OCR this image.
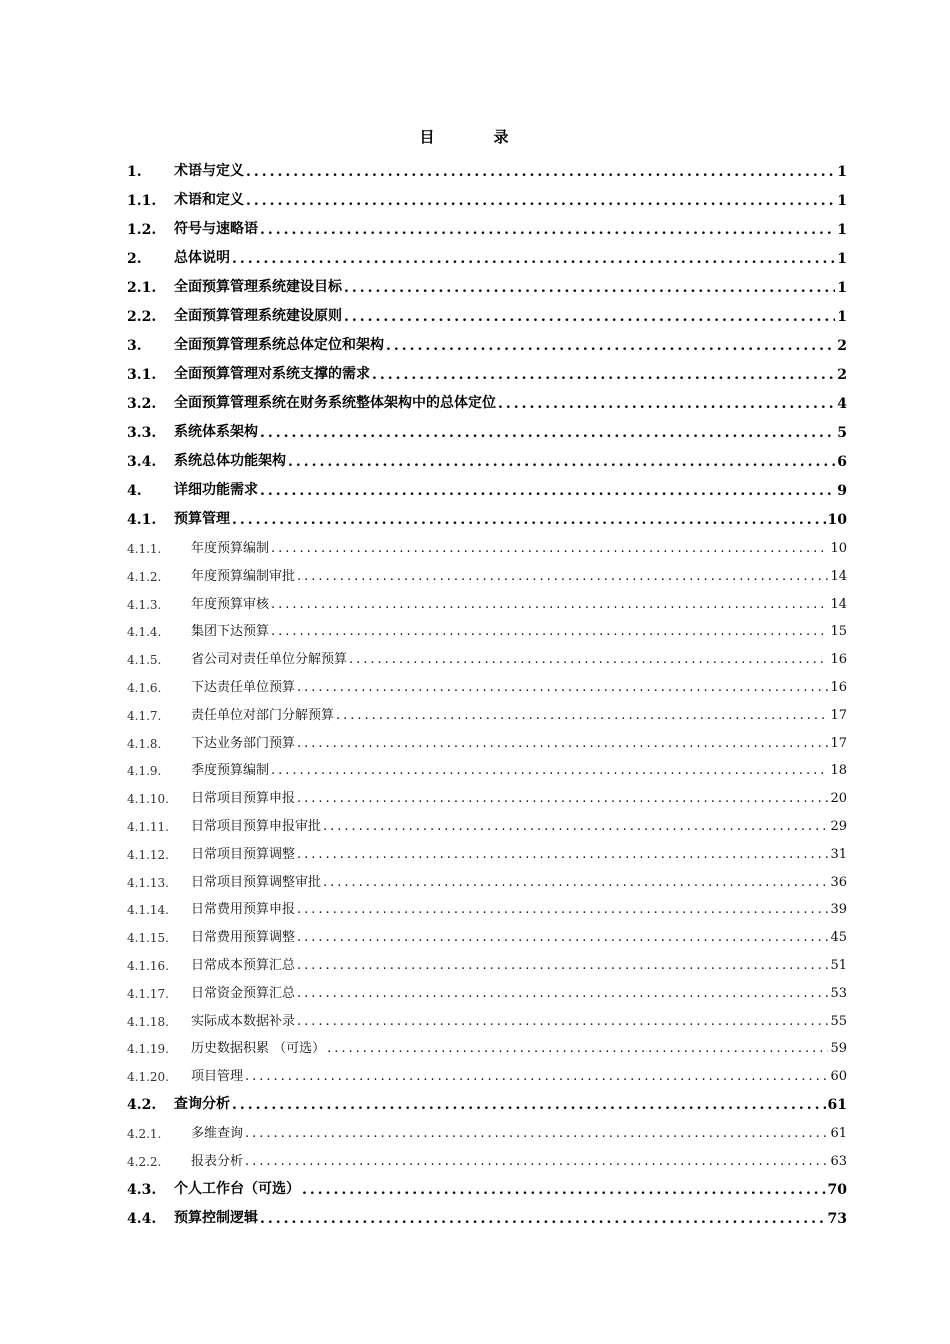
目　录
1.	术语与定义 .....	1
1.1.	术语和定义 .....	1
1.2.	符号与速略语 .....	1
2.	总体说明 .....	1
2.1.	全面预算管理系统建设目标 .....	1
2.2.	全面预算管理系统建设原则 .....	1
3.	全面预算管理系统总体定位和架构 .....	2
3.1.	全面预算管理对系统支撑的需求 .....	2
3.2.	全面预算管理系统在财务系统整体架构中的总体定位 .....	4
3.3.	系统体系架构 .....	5
3.4.	系统总体功能架构 .....	6
4.	详细功能需求 .....	9
4.1.	预算管理 .....	10
4.1.1.	年度预算编制 .....	10
4.1.2.	年度预算编制审批 .....	14
4.1.3.	年度预算审核 .....	14
4.1.4.	集团下达预算 .....	15
4.1.5.	省公司对责任单位分解预算 .....	16
4.1.6.	下达责任单位预算 .....	16
4.1.7.	责任单位对部门分解预算 .....	17
4.1.8.	下达业务部门预算 .....	17
4.1.9.	季度预算编制 .....	18
4.1.10.	日常项目预算申报 .....	20
4.1.11.	日常项目预算申报审批 .....	29
4.1.12.	日常项目预算调整 .....	31
4.1.13.	日常项目预算调整审批 .....	36
4.1.14.	日常费用预算申报 .....	39
4.1.15.	日常费用预算调整 .....	45
4.1.16.	日常成本预算汇总 .....	51
4.1.17.	日常资金预算汇总 .....	53
4.1.18.	实际成本数据补录 .....	55
4.1.19.	历史数据积累 （可选） .....	59
4.1.20.	项目管理 .....	60
4.2.	查询分析 .....	61
4.2.1.	多维查询 .....	61
4.2.2.	报表分析 .....	63
4.3.	个人工作台（可选） .....	70
4.4.	预算控制逻辑 .....	73
